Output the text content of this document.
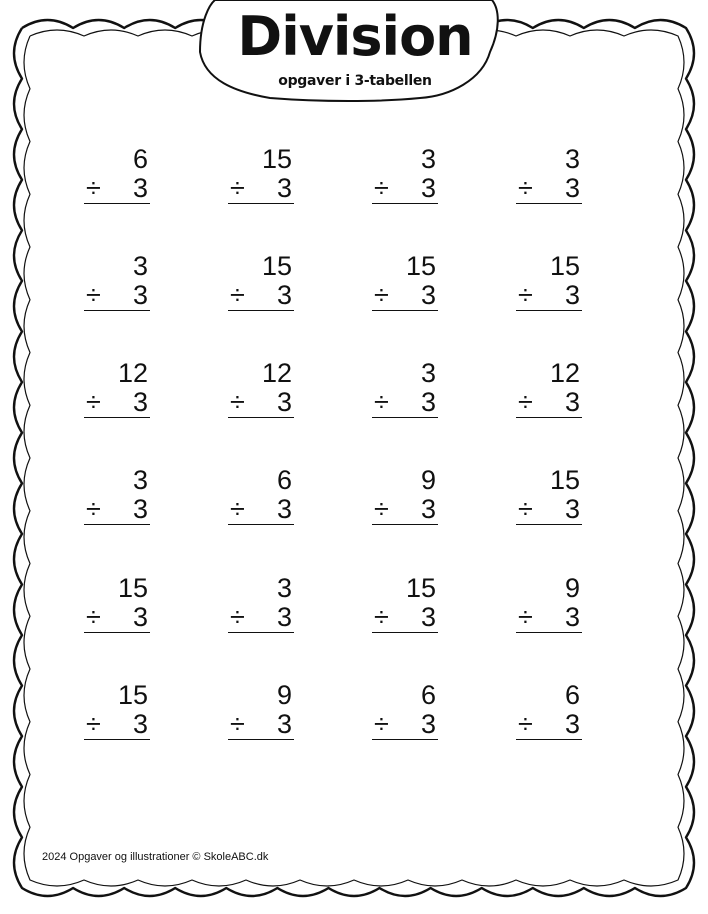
Division
opgaver i 3-tabellen
6
÷ 3
15
÷ 3
3
÷ 3
3
÷ 3
3
÷ 3
15
÷ 3
15
÷ 3
15
÷ 3
12
÷ 3
12
÷ 3
3
÷ 3
12
÷ 3
3
÷ 3
6
÷ 3
9
÷ 3
15
÷ 3
15
÷ 3
3
÷ 3
15
÷ 3
9
÷ 3
15
÷ 3
9
÷ 3
6
÷ 3
6
÷ 3
2024 Opgaver og illustrationer © SkoleABC.dk
